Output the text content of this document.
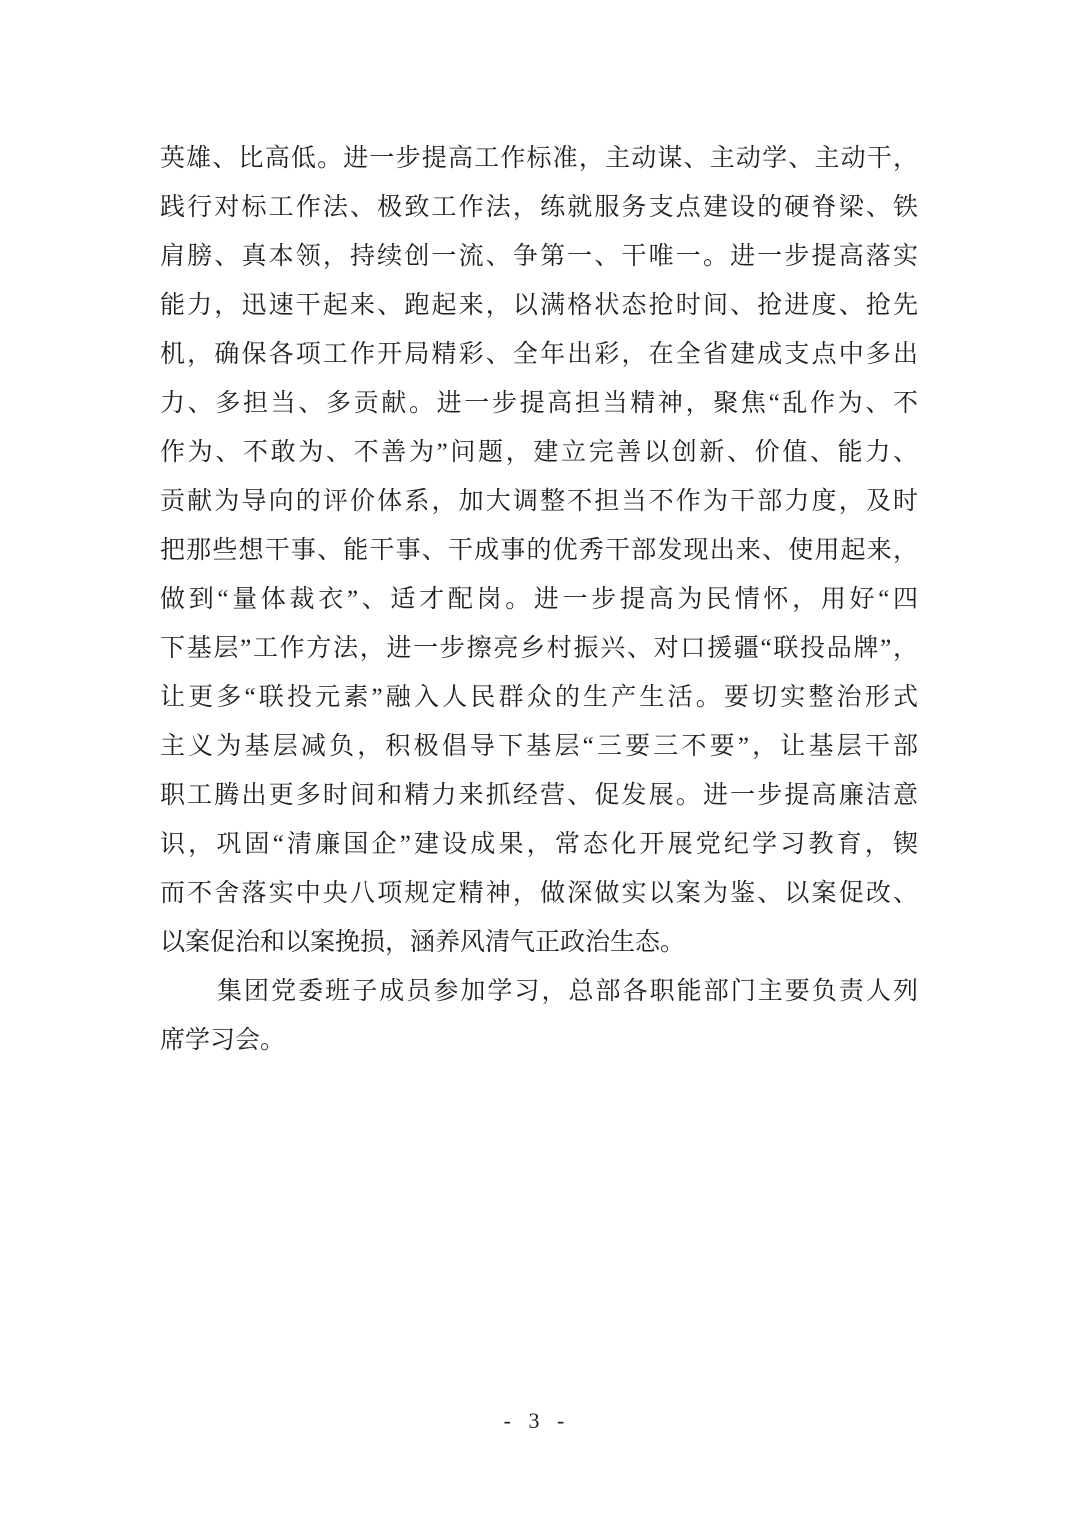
英雄、比高低。进一步提高工作标准，主动谋、主动学、主动干，
践行对标工作法、极致工作法，练就服务支点建设的硬脊梁、铁
肩膀、真本领，持续创一流、争第一、干唯一。进一步提高落实
能力，迅速干起来、跑起来，以满格状态抢时间、抢进度、抢先
机，确保各项工作开局精彩、全年出彩，在全省建成支点中多出
力、多担当、多贡献。进一步提高担当精神，聚焦“乱作为、不
作为、不敢为、不善为”问题，建立完善以创新、价值、能力、
贡献为导向的评价体系，加大调整不担当不作为干部力度，及时
把那些想干事、能干事、干成事的优秀干部发现出来、使用起来，
做到“量体裁衣”、适才配岗。进一步提高为民情怀，用好“四
下基层”工作方法，进一步擦亮乡村振兴、对口援疆“联投品牌”，
让更多“联投元素”融入人民群众的生产生活。要切实整治形式
主义为基层减负，积极倡导下基层“三要三不要”，让基层干部
职工腾出更多时间和精力来抓经营、促发展。进一步提高廉洁意
识，巩固“清廉国企”建设成果，常态化开展党纪学习教育，锲
而不舍落实中央八项规定精神，做深做实以案为鉴、以案促改、
以案促治和以案挽损，涵养风清气正政治生态。
集团党委班子成员参加学习，总部各职能部门主要负责人列
席学习会。
- 3 -
